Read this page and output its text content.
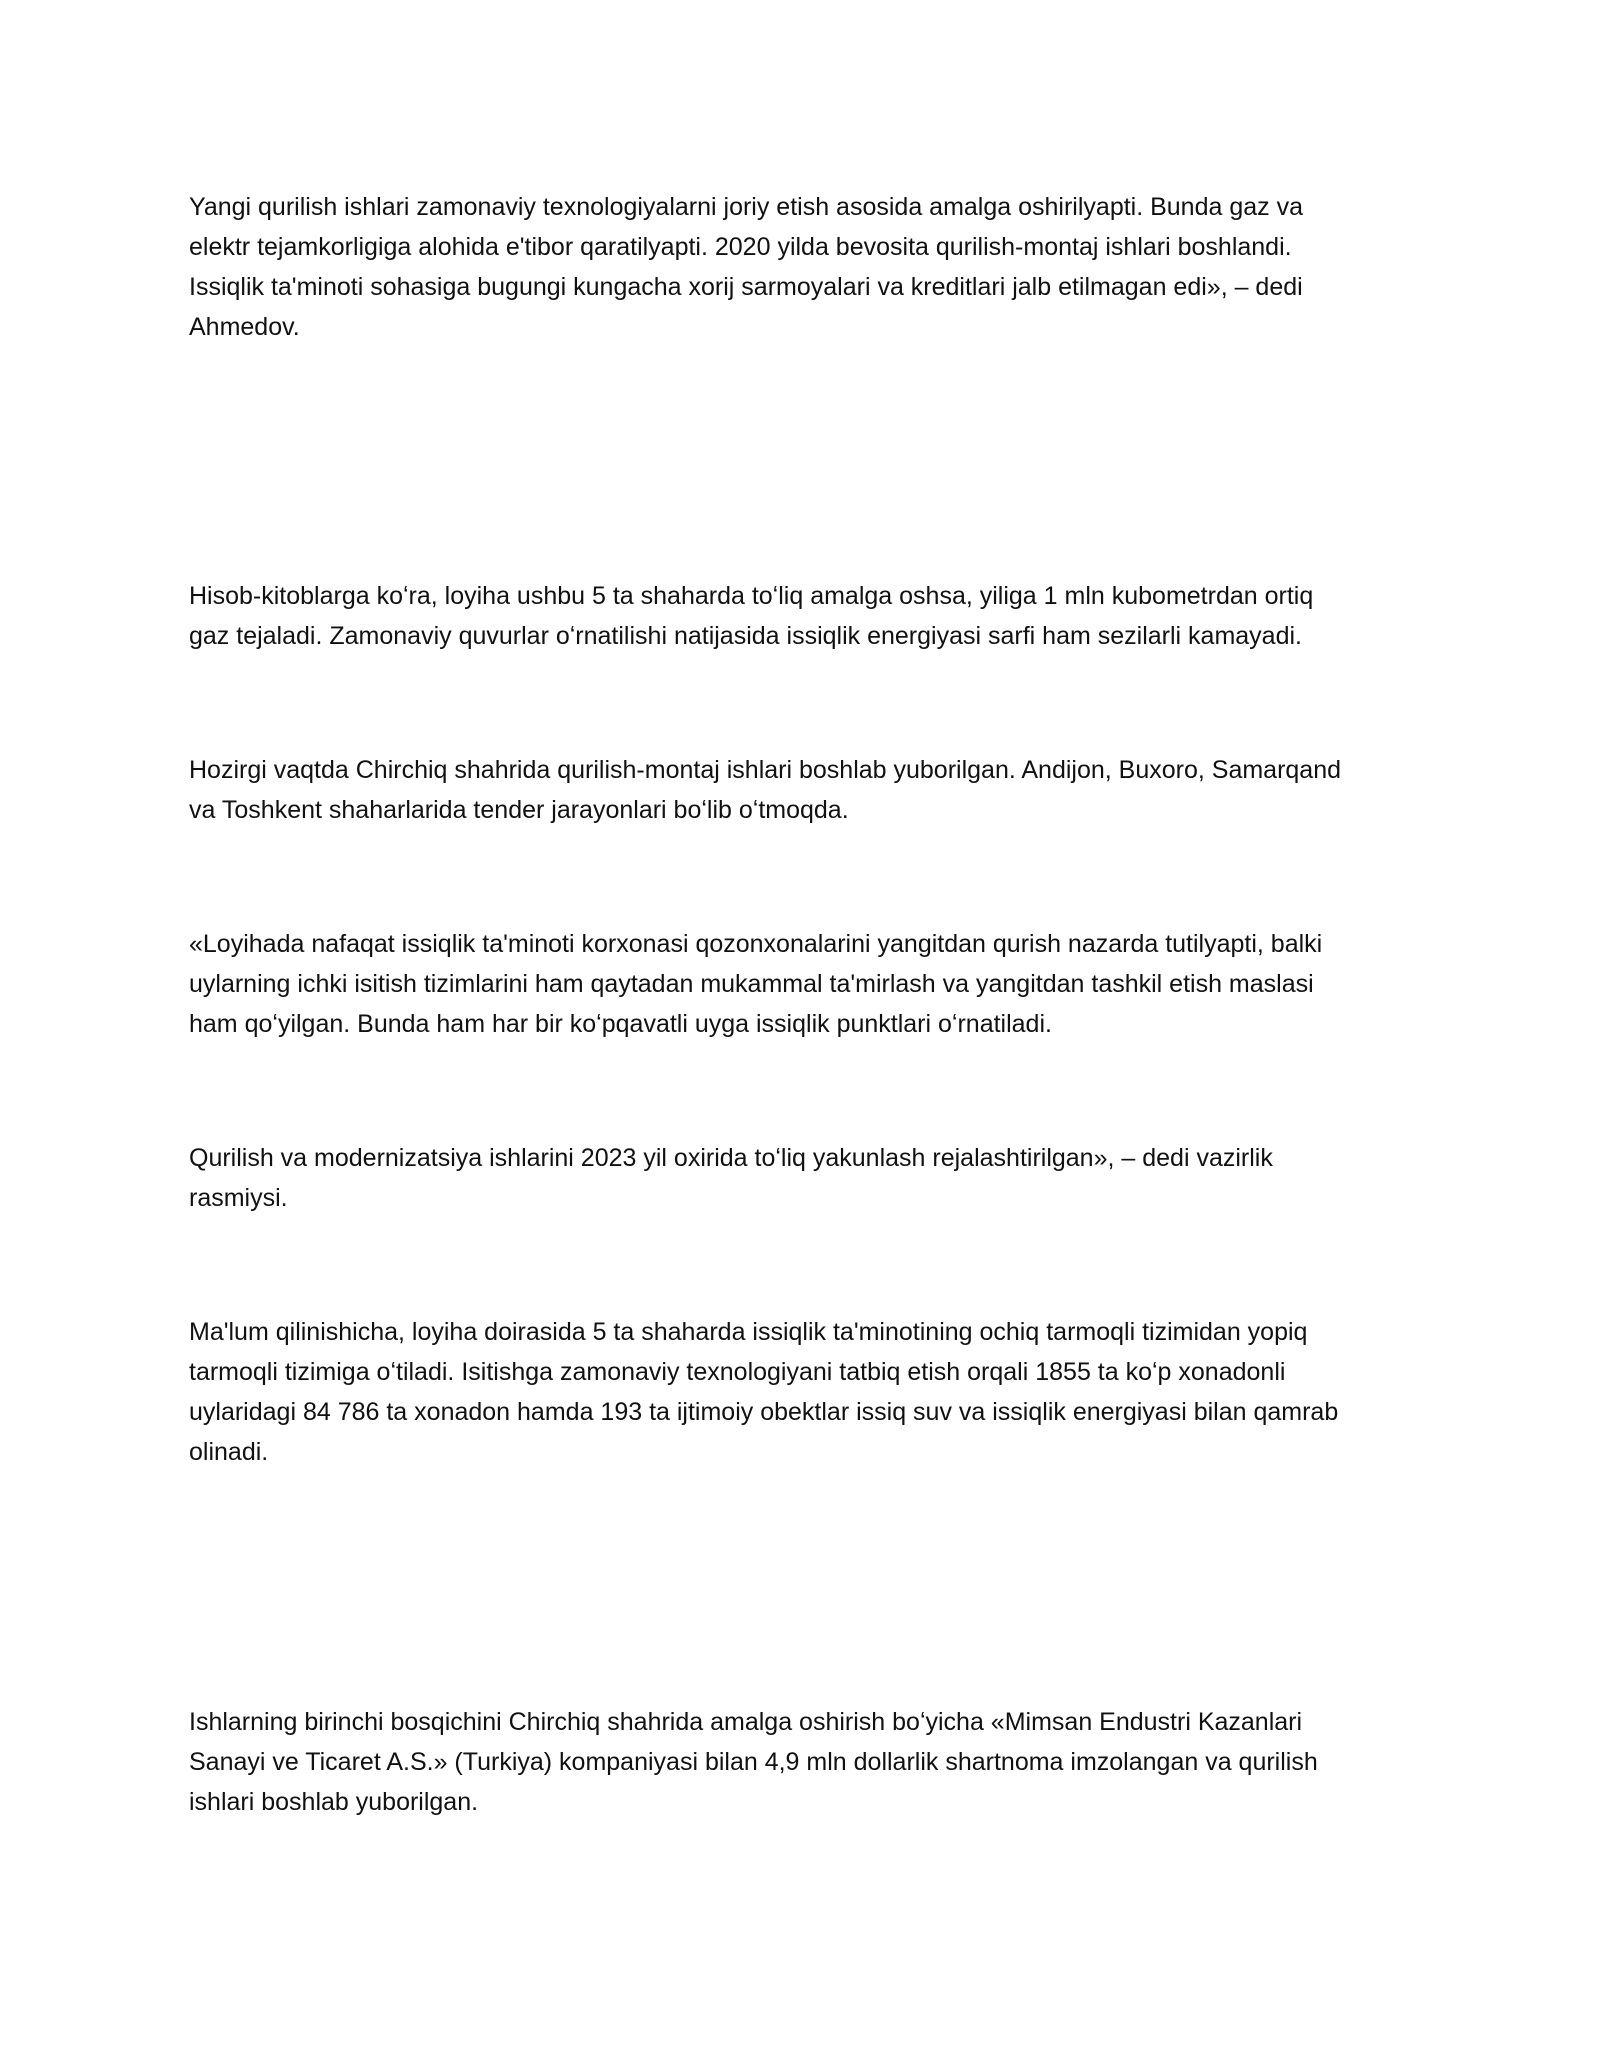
Yangi qurilish ishlari zamonaviy texnologiyalarni joriy etish asosida amalga oshirilyapti. Bunda gaz va
elektr tejamkorligiga alohida e'tibor qaratilyapti. 2020 yilda bevosita qurilish-montaj ishlari boshlandi.
Issiqlik ta'minoti sohasiga bugungi kungacha xorij sarmoyalari va kreditlari jalb etilmagan edi», – dedi
Ahmedov.

Hisob-kitoblarga koʻra, loyiha ushbu 5 ta shaharda toʻliq amalga oshsa, yiliga 1 mln kubometrdan ortiq
gaz tejaladi. Zamonaviy quvurlar oʻrnatilishi natijasida issiqlik energiyasi sarfi ham sezilarli kamayadi.

Hozirgi vaqtda Chirchiq shahrida qurilish-montaj ishlari boshlab yuborilgan. Andijon, Buxoro, Samarqand
va Toshkent shaharlarida tender jarayonlari boʻlib oʻtmoqda.

«Loyihada nafaqat issiqlik ta'minoti korxonasi qozonxonalarini yangitdan qurish nazarda tutilyapti, balki
uylarning ichki isitish tizimlarini ham qaytadan mukammal ta'mirlash va yangitdan tashkil etish maslasi
ham qoʻyilgan. Bunda ham har bir koʻpqavatli uyga issiqlik punktlari oʻrnatiladi.

Qurilish va modernizatsiya ishlarini 2023 yil oxirida toʻliq yakunlash rejalashtirilgan», – dedi vazirlik
rasmiysi.

Ma'lum qilinishicha, loyiha doirasida 5 ta shaharda issiqlik ta'minotining ochiq tarmoqli tizimidan yopiq
tarmoqli tizimiga oʻtiladi. Isitishga zamonaviy texnologiyani tatbiq etish orqali 1855 ta koʻp xonadonli
uylaridagi 84 786 ta xonadon hamda 193 ta ijtimoiy obektlar issiq suv va issiqlik energiyasi bilan qamrab
olinadi.

Ishlarning birinchi bosqichini Chirchiq shahrida amalga oshirish boʻyicha «Mimsan Endustri Kazanlari
Sanayi ve Ticaret A.S.» (Turkiya) kompaniyasi bilan 4,9 mln dollarlik shartnoma imzolangan va qurilish
ishlari boshlab yuborilgan.
